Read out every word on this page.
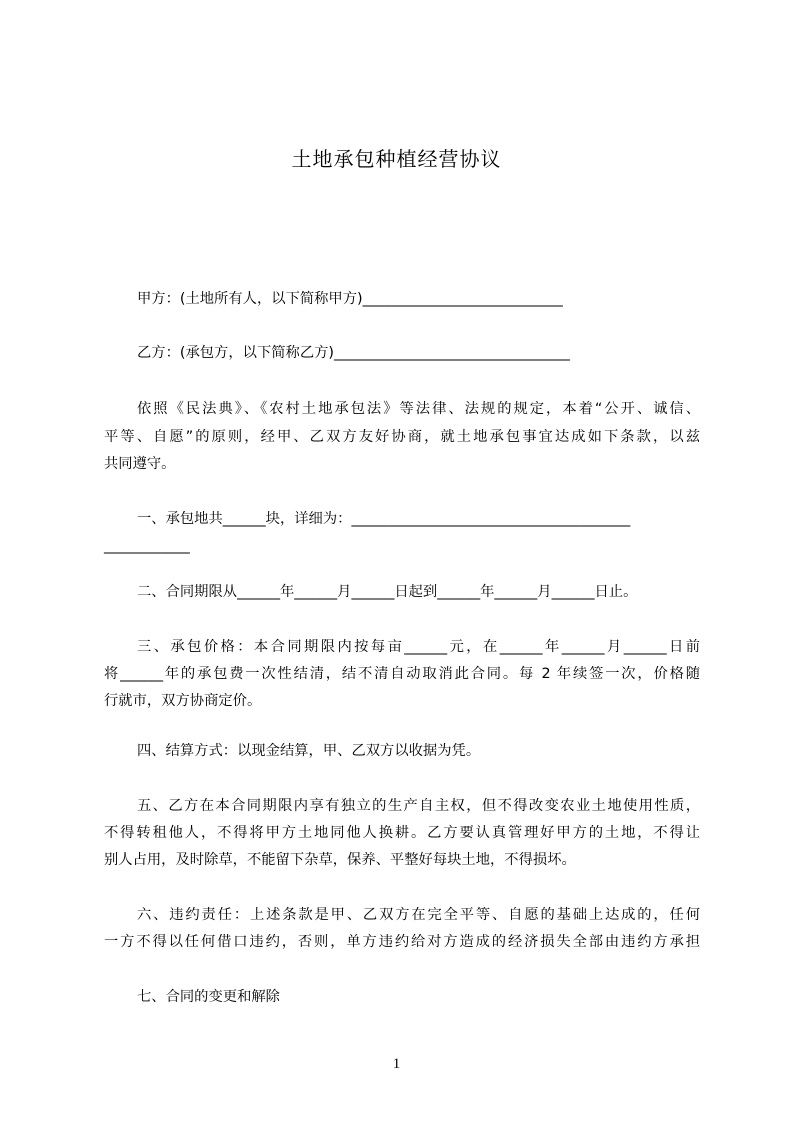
土地承包种植经营协议
甲方：(土地所有人，以下简称甲方)____________________________
乙方：(承包方，以下简称乙方)_________________________________
依照《民法典》、《农村土地承包法》等法律、法规的规定，本着“公开、诚信、
平等、自愿”的原则，经甲、乙双方友好协商，就土地承包事宜达成如下条款，以兹
共同遵守。
一、承包地共______块，详细为：_______________________________________
____________
二、合同期限从______年______月______日起到______年______月______日止。
三、承包价格：本合同期限内按每亩______元，在______年______月______日前
将______年的承包费一次性结清，结不清自动取消此合同。每 2 年续签一次，价格随
行就市，双方协商定价。
四、结算方式：以现金结算，甲、乙双方以收据为凭。
五、乙方在本合同期限内享有独立的生产自主权，但不得改变农业土地使用性质，
不得转租他人，不得将甲方土地同他人换耕。乙方要认真管理好甲方的土地，不得让
别人占用，及时除草，不能留下杂草，保养、平整好每块土地，不得损坏。
六、违约责任：上述条款是甲、乙双方在完全平等、自愿的基础上达成的，任何
一方不得以任何借口违约，否则，单方违约给对方造成的经济损失全部由违约方承担
七、合同的变更和解除
1
